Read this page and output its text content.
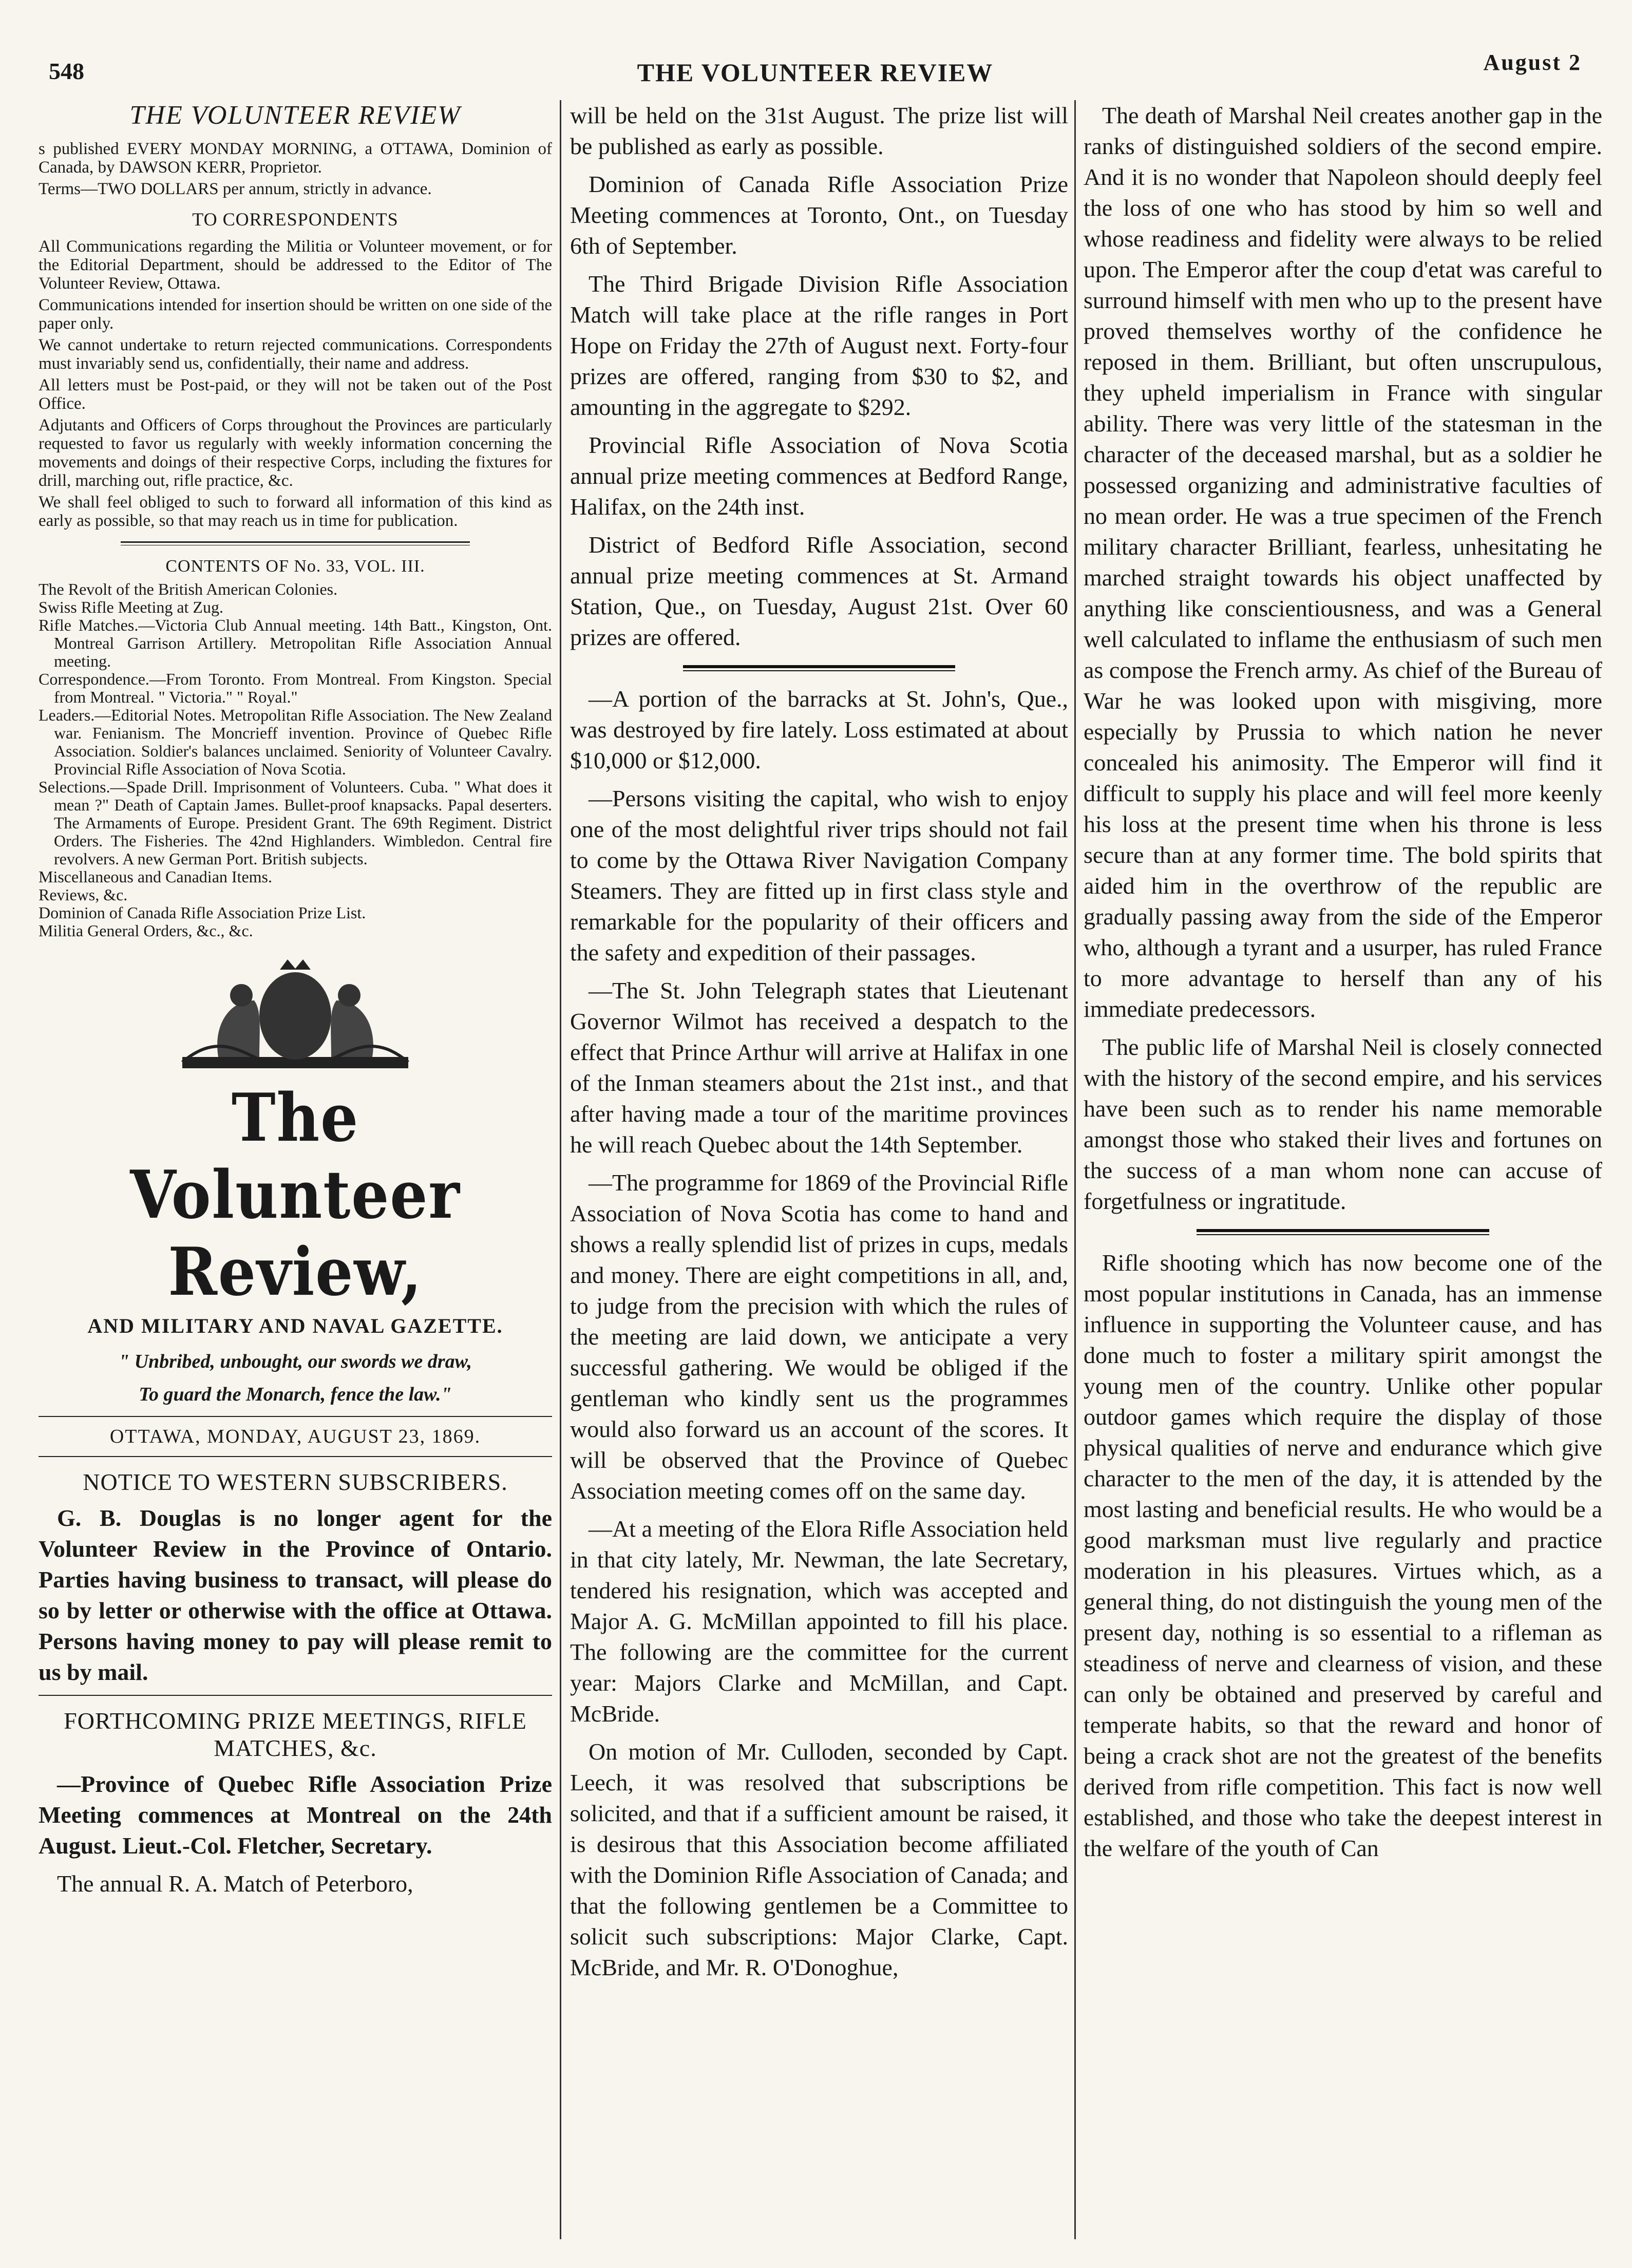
548	THE VOLUNTEER REVIEW	August 2
THE VOLUNTEER REVIEW

s published EVERY MONDAY MORNING, a OTTAWA, Dominion of Canada, by DAWSON KERR, Proprietor.

Terms—TWO DOLLARS per annum, strictly in advance.

TO CORRESPONDENTS

All Communications regarding the Militia or Volunteer movement, or for the Editorial Department, should be addressed to the Editor of The Volunteer Review, Ottawa.

Communications intended for insertion should be written on one side of the paper only.

We cannot undertake to return rejected communications. Correspondents must invariably send us, confidentially, their name and address.

All letters must be Post-paid, or they will not be taken out of the Post Office.

Adjutants and Officers of Corps throughout the Provinces are particularly requested to favor us regularly with weekly information concerning the movements and doings of their respective Corps, including the fixtures for drill, marching out, rifle practice, &c.

We shall feel obliged to such to forward all information of this kind as early as possible, so that may reach us in time for publication.

CONTENTS OF No. 33, VOL. III.

The Revolt of the British American Colonies.

Swiss Rifle Meeting at Zug.

Rifle Matches.—Victoria Club Annual meeting. 14th Batt., Kingston, Ont. Montreal Garrison Artillery. Metropolitan Rifle Association Annual meeting.

Correspondence.—From Toronto. From Montreal. From Kingston. Special from Montreal. " Victoria." " Royal."

Leaders.—Editorial Notes. Metropolitan Rifle Association. The New Zealand war. Fenianism. The Moncrieff invention. Province of Quebec Rifle Association. Soldier's balances unclaimed. Seniority of Volunteer Cavalry. Provincial Rifle Association of Nova Scotia.

Selections.—Spade Drill. Imprisonment of Volunteers. Cuba. " What does it mean ?" Death of Captain James. Bullet-proof knapsacks. Papal deserters. The Armaments of Europe. President Grant. The 69th Regiment. District Orders. The Fisheries. The 42nd Highlanders. Wimbledon. Central fire revolvers. A new German Port. British subjects.

Miscellaneous and Canadian Items.

Reviews, &c.

Dominion of Canada Rifle Association Prize List.

Militia General Orders, &c., &c.

The Volunteer Review,
AND MILITARY AND NAVAL GAZETTE.
" Unbribed, unbought, our swords we draw,
To guard the Monarch, fence the law."
OTTAWA, MONDAY, AUGUST 23, 1869.
NOTICE TO WESTERN SUBSCRIBERS.

G. B. Douglas is no longer agent for the Volunteer Review in the Province of Ontario. Parties having business to transact, will please do so by letter or otherwise with the office at Ottawa. Persons having money to pay will please remit to us by mail.

FORTHCOMING PRIZE MEETINGS, RIFLE MATCHES, &c.

—Province of Quebec Rifle Association Prize Meeting commences at Montreal on the 24th August. Lieut.-Col. Fletcher, Secretary.

The annual R. A. Match of Peterboro,

will be held on the 31st August. The prize list will be published as early as possible.

Dominion of Canada Rifle Association Prize Meeting commences at Toronto, Ont., on Tuesday 6th of September.

The Third Brigade Division Rifle Association Match will take place at the rifle ranges in Port Hope on Friday the 27th of August next. Forty-four prizes are offered, ranging from $30 to $2, and amounting in the aggregate to $292.

Provincial Rifle Association of Nova Scotia annual prize meeting commences at Bedford Range, Halifax, on the 24th inst.

District of Bedford Rifle Association, second annual prize meeting commences at St. Armand Station, Que., on Tuesday, August 21st. Over 60 prizes are offered.

—A portion of the barracks at St. John's, Que., was destroyed by fire lately. Loss estimated at about $10,000 or $12,000.

—Persons visiting the capital, who wish to enjoy one of the most delightful river trips should not fail to come by the Ottawa River Navigation Company Steamers. They are fitted up in first class style and remarkable for the popularity of their officers and the safety and expedition of their passages.

—The St. John Telegraph states that Lieutenant Governor Wilmot has received a despatch to the effect that Prince Arthur will arrive at Halifax in one of the Inman steamers about the 21st inst., and that after having made a tour of the maritime provinces he will reach Quebec about the 14th September.

—The programme for 1869 of the Provincial Rifle Association of Nova Scotia has come to hand and shows a really splendid list of prizes in cups, medals and money. There are eight competitions in all, and, to judge from the precision with which the rules of the meeting are laid down, we anticipate a very successful gathering. We would be obliged if the gentleman who kindly sent us the programmes would also forward us an account of the scores. It will be observed that the Province of Quebec Association meeting comes off on the same day.

—At a meeting of the Elora Rifle Association held in that city lately, Mr. Newman, the late Secretary, tendered his resignation, which was accepted and Major A. G. McMillan appointed to fill his place. The following are the committee for the current year: Majors Clarke and McMillan, and Capt. McBride.

On motion of Mr. Culloden, seconded by Capt. Leech, it was resolved that subscriptions be solicited, and that if a sufficient amount be raised, it is desirous that this Association become affiliated with the Dominion Rifle Association of Canada; and that the following gentlemen be a Committee to solicit such subscriptions: Major Clarke, Capt. McBride, and Mr. R. O'Donoghue,

The death of Marshal Neil creates another gap in the ranks of distinguished soldiers of the second empire. And it is no wonder that Napoleon should deeply feel the loss of one who has stood by him so well and whose readiness and fidelity were always to be relied upon. The Emperor after the coup d'etat was careful to surround himself with men who up to the present have proved themselves worthy of the confidence he reposed in them. Brilliant, but often unscrupulous, they upheld imperialism in France with singular ability. There was very little of the statesman in the character of the deceased marshal, but as a soldier he possessed organizing and administrative faculties of no mean order. He was a true specimen of the French military character Brilliant, fearless, unhesitating he marched straight towards his object unaffected by anything like conscientiousness, and was a General well calculated to inflame the enthusiasm of such men as compose the French army. As chief of the Bureau of War he was looked upon with misgiving, more especially by Prussia to which nation he never concealed his animosity. The Emperor will find it difficult to supply his place and will feel more keenly his loss at the present time when his throne is less secure than at any former time. The bold spirits that aided him in the overthrow of the republic are gradually passing away from the side of the Emperor who, although a tyrant and a usurper, has ruled France to more advantage to herself than any of his immediate predecessors.

The public life of Marshal Neil is closely connected with the history of the second empire, and his services have been such as to render his name memorable amongst those who staked their lives and fortunes on the success of a man whom none can accuse of forgetfulness or ingratitude.

Rifle shooting which has now become one of the most popular institutions in Canada, has an immense influence in supporting the Volunteer cause, and has done much to foster a military spirit amongst the young men of the country. Unlike other popular outdoor games which require the display of those physical qualities of nerve and endurance which give character to the men of the day, it is attended by the most lasting and beneficial results. He who would be a good marksman must live regularly and practice moderation in his pleasures. Virtues which, as a general thing, do not distinguish the young men of the present day, nothing is so essential to a rifleman as steadiness of nerve and clearness of vision, and these can only be obtained and preserved by careful and temperate habits, so that the reward and honor of being a crack shot are not the greatest of the benefits derived from rifle competition. This fact is now well established, and those who take the deepest interest in the welfare of the youth of Can
